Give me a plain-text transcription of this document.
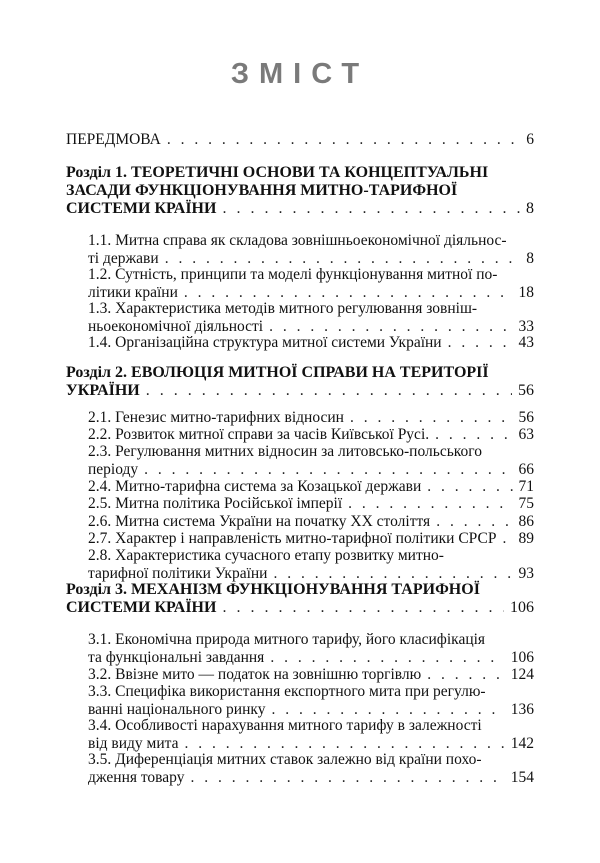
ЗМІСТ
ПЕРЕДМОВА . . .	6
Розділ 1. ТЕОРЕТИЧНІ ОСНОВИ ТА КОНЦЕПТУАЛЬНІ
ЗАСАДИ ФУНКЦІОНУВАННЯ МИТНО-ТАРИФНОЇ
СИСТЕМИ КРАЇНИ . . .	8
1.1. Митна справа як складова зовнішньоекономічної діяльнос-
ті держави . . .	8
1.2. Сутність, принципи та моделі функціонування митної по-
літики країни . . .	18
1.3. Характеристика методів митного регулювання зовніш-
ньоекономічної діяльності . . .	33
1.4. Організаційна структура митної системи України . . .	43
Розділ 2. ЕВОЛЮЦІЯ МИТНОЇ СПРАВИ НА ТЕРИТОРІЇ
УКРАЇНИ . . .	56
2.1. Генезис митно-тарифних відносин . . .	56
2.2. Розвиток митної справи за часів Київської Русі. . . .	63
2.3. Регулювання митних відносин за литовсько-польського
періоду . . .	66
2.4. Митно-тарифна система за Козацької держави . . .	71
2.5. Митна політика Російської імперії . . .	75
2.6. Митна система України на початку XX століття . . .	86
2.7. Характер і направленість митно-тарифної політики СРСР . . . 89
2.8. Характеристика сучасного етапу розвитку митно-
тарифної політики України . . .	93
Розділ 3. МЕХАНІЗМ ФУНКЦІОНУВАННЯ ТАРИФНОЇ
СИСТЕМИ КРАЇНИ . . .	106
3.1. Економічна природа митного тарифу, його класифікація
та функціональні завдання . . .	106
3.2. Ввізне мито — податок на зовнішню торгівлю . . .	124
3.3. Специфіка використання експортного мита при регулю-
ванні національного ринку . . .	136
3.4. Особливості нарахування митного тарифу в залежності
від виду мита . . .	142
3.5. Диференціація митних ставок залежно від країни похо-
дження товару . . .	154
